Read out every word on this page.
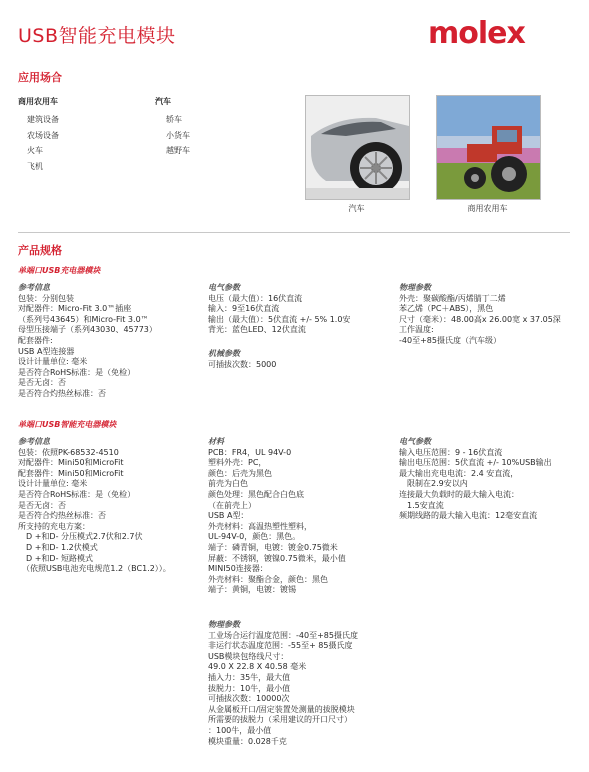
USB智能充电模块	molex
应用场合
商用农用车
建筑设备
农场设备
火车
飞机
汽车
轿车
小货车
越野车
汽车	商用农用车
产品规格
单端口USB充电器模块
参考信息
包装：分别包装
对配器件：Micro-Fit 3.0™插座
（系列号43645）和Micro-Fit 3.0™
母型压接端子（系列43030、45773）
配套器件:
USB A型连接器
设计计量单位: 毫米
是否符合RoHS标准：是（免检）
是否无卤：否
是否符合灼热丝标准：否
电气参数
电压（最大值）：16伏直流
输入：9至16伏直流
输出（最大值）：5伏直流 +/- 5% 1.0安
背光：蓝色LED、12伏直流
机械参数
可插拔次数：5000
物理参数
外壳：聚碳酸酯/丙烯腈丁二烯
苯乙烯（PC＋ABS），黑色
尺寸（毫米）：48.00高x 26.00宽 x 37.05深
工作温度:
-40至+85摄氏度（汽车级）
单端口USB智能充电器模块
参考信息
包装：依照PK-68532-4510
对配器件：Mini50和MicroFit
配套器件：Mini50和MicroFit
设计计量单位: 毫米
是否符合RoHS标准：是（免检）
是否无卤：否
是否符合灼热丝标准：否
所支持的充电方案：
D +和D- 分压模式2.7伏和2.7伏
D +和D- 1.2伏模式
D +和D- 短路模式
（依照USB电池充电规范1.2（BC1.2））。
材料
PCB：FR4，UL 94V-0
塑料外壳：PC，
颜色：后壳为黑色
前壳为白色
颜色处理：黑色配合白色底
（在前壳上）
USB A型：
外壳材料：高温热塑性塑料，
UL-94V-0，颜色：黑色。
端子：磷青铜，电镀：镀金0.75微米
屏蔽：不锈钢，镀镍0.75微米，最小值
MINI50连接器：
外壳材料：聚酯合金，颜色：黑色
端子：黄铜，电镀：镀锡
物理参数
工业场合运行温度范围：-40至+85摄氏度
非运行状态温度范围：-55至+ 85摄氏度
USB模块包络线尺寸：
49.0 X 22.8 X 40.58 毫米
插入力：35牛，最大值
拔脱力：10牛，最小值
可插拔次数：10000次
从金属板开口/固定装置处测量的拔脱模块
所需要的拔脱力（采用建议的开口尺寸）
：100牛，最小值
模块重量：0.028千克
电气参数
输入电压范围：9 - 16伏直流
输出电压范围：5伏直流 +/- 10%USB输出
最大输出充电电流：2.4 安直流，
限制在2.9安以内
连接最大负载时的最大输入电流：
1.5安直流
频期线路的最大输入电流：12毫安直流
